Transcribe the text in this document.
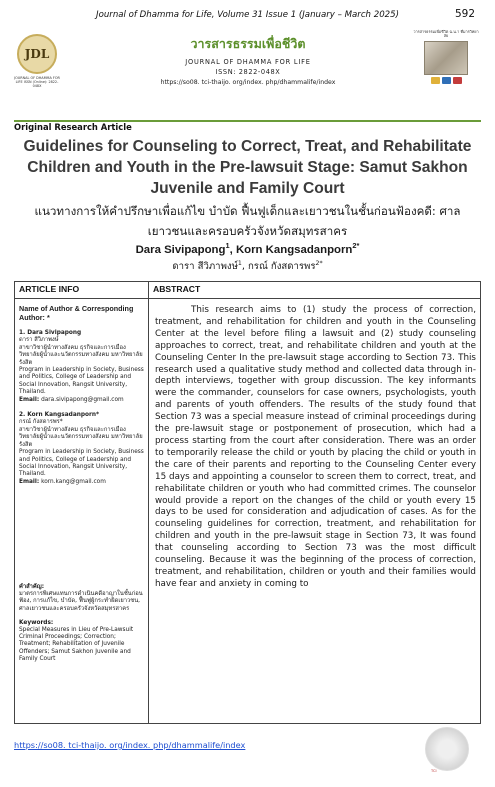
Journal of Dhamma for Life, Volume 31 Issue 1 (January – March 2025)	592
JDL
JOURNAL OF DHAMMA FOR LIFE ISSN (Online): 2822-048X
วารสารธรรมเพื่อชีวิต
JOURNAL OF DHAMMA FOR LIFE
ISSN: 2822-048X
https://so08. tci-thaijo. org/index. php/dhammalife/index
วารสารธรรมเพื่อชีวิต ฉ.น.า ที่มารวิทยาลัย
Original Research Article
Guidelines for Counseling to Correct, Treat, and Rehabilitate Children and Youth in the Pre-lawsuit Stage: Samut Sakhon Juvenile and Family Court
แนวทางการให้คำปรึกษาเพื่อแก้ไข บำบัด ฟื้นฟูเด็กและเยาวชนในชั้นก่อนฟ้องคดี: ศาลเยาวชนและครอบครัวจังหวัดสมุทรสาคร
Dara Sivipapong$^1$, Korn Kangsadanporn$^{2*}$
ดารา สีวิภาพงษ์$^1$, กรณ์ กังสดารพร$^{2*}$
ARTICLE INFO
Name of Author & Corresponding Author: *
1. Dara Sivipapong
ดารา สีวิภาพงษ์
สาขาวิชาผู้นำทางสังคม ธุรกิจและการเมือง วิทยาลัยผู้นำและนวัตกรรมทางสังคม มหาวิทยาลัยรังสิต
Program in Leadership in Society, Business and Politics, College of Leadership and Social Innovation, Rangsit University, Thailand.
Email: dara.sivipapong@gmail.com
2. Korn Kangsadanporn*
กรณ์ กังสดารพร*
สาขาวิชาผู้นำทางสังคม ธุรกิจและการเมือง วิทยาลัยผู้นำและนวัตกรรมทางสังคม มหาวิทยาลัยรังสิต
Program in Leadership in Society, Business and Politics, College of Leadership and Social Innovation, Rangsit University, Thailand.
Email: korn.kang@gmail.com
คำสำคัญ:
มาตรการพิเศษแทนการดำเนินคดีอาญาในชั้นก่อนฟ้อง, การแก้ไข, บำบัด, ฟื้นฟูผู้กระทำผิดเยาวชน, ศาลเยาวชนและครอบครัวจังหวัดสมุทรสาคร
Keywords:
Special Measures in Lieu of Pre-Lawsuit Criminal Proceedings; Correction; Treatment; Rehabilitation of Juvenile Offenders; Samut Sakhon Juvenile and Family Court
ABSTRACT
This research aims to (1) study the process of correction, treatment, and rehabilitation for children and youth in the Counseling Center at the level before filing a lawsuit and (2) study counseling approaches to correct, treat, and rehabilitate children and youth at the Counseling Center In the pre-lawsuit stage according to Section 73. This research used a qualitative study method and collected data through in-depth interviews, together with group discussion. The key informants were the commander, counselors for case owners, psychologists, youth and parents of youth offenders. The results of the study found that Section 73 was a special measure instead of criminal proceedings during the pre-lawsuit stage or postponement of prosecution, which had a process starting from the court after consideration. There was an order to temporarily release the child or youth by placing the child or youth in the care of their parents and reporting to the Counseling Center every 15 days and appointing a counselor to screen them to correct, treat, and rehabilitate children or youth who had committed crimes. The counselor would provide a report on the changes of the child or youth every 15 days to be used for consideration and adjudication of cases. As for the counseling guidelines for correction, treatment, and rehabilitation for children and youth in the pre-lawsuit stage in Section 73, It was found that counseling according to Section 73 was the most difficult counseling. Because it was the beginning of the process of correction, treatment, and rehabilitation, children or youth and their families would have fear and anxiety in coming to
https://so08. tci-thaijo. org/index. php/dhammalife/index
TCI
